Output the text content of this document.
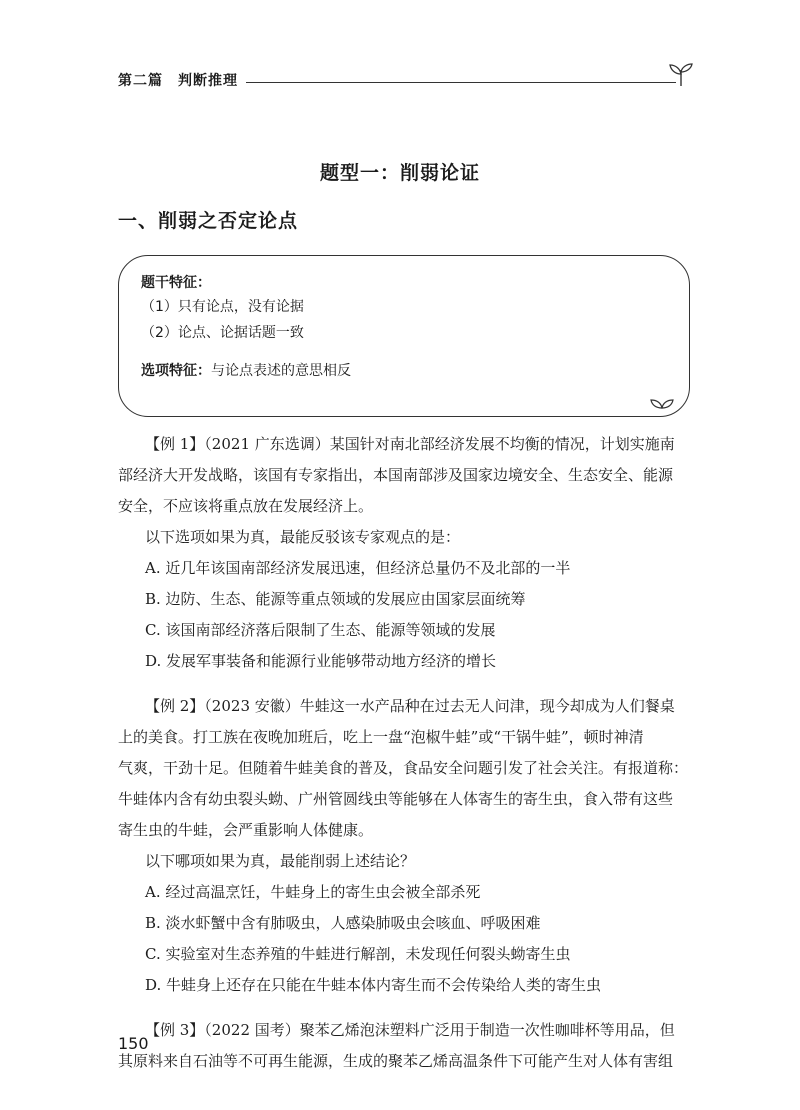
第二篇　判断推理
题型一：削弱论证
一、削弱之否定论点
题干特征：
（1）只有论点，没有论据
（2）论点、论据话题一致
选项特征：与论点表述的意思相反
【例 1】（2021 广东选调）某国针对南北部经济发展不均衡的情况，计划实施南
部经济大开发战略，该国有专家指出，本国南部涉及国家边境安全、生态安全、能源
安全，不应该将重点放在发展经济上。
以下选项如果为真，最能反驳该专家观点的是：
A. 近几年该国南部经济发展迅速，但经济总量仍不及北部的一半
B. 边防、生态、能源等重点领域的发展应由国家层面统筹
C. 该国南部经济落后限制了生态、能源等领域的发展
D. 发展军事装备和能源行业能够带动地方经济的增长
【例 2】（2023 安徽）牛蛙这一水产品种在过去无人问津，现今却成为人们餐桌
上的美食。打工族在夜晚加班后，吃上一盘“泡椒牛蛙”或“干锅牛蛙”，顿时神清
气爽，干劲十足。但随着牛蛙美食的普及，食品安全问题引发了社会关注。有报道称：
牛蛙体内含有幼虫裂头蚴、广州管圆线虫等能够在人体寄生的寄生虫，食入带有这些
寄生虫的牛蛙，会严重影响人体健康。
以下哪项如果为真，最能削弱上述结论？
A. 经过高温烹饪，牛蛙身上的寄生虫会被全部杀死
B. 淡水虾蟹中含有肺吸虫，人感染肺吸虫会咳血、呼吸困难
C. 实验室对生态养殖的牛蛙进行解剖，未发现任何裂头蚴寄生虫
D. 牛蛙身上还存在只能在牛蛙本体内寄生而不会传染给人类的寄生虫
【例 3】（2022 国考）聚苯乙烯泡沫塑料广泛用于制造一次性咖啡杯等用品，但
其原料来自石油等不可再生能源，生成的聚苯乙烯高温条件下可能产生对人体有害组
150
